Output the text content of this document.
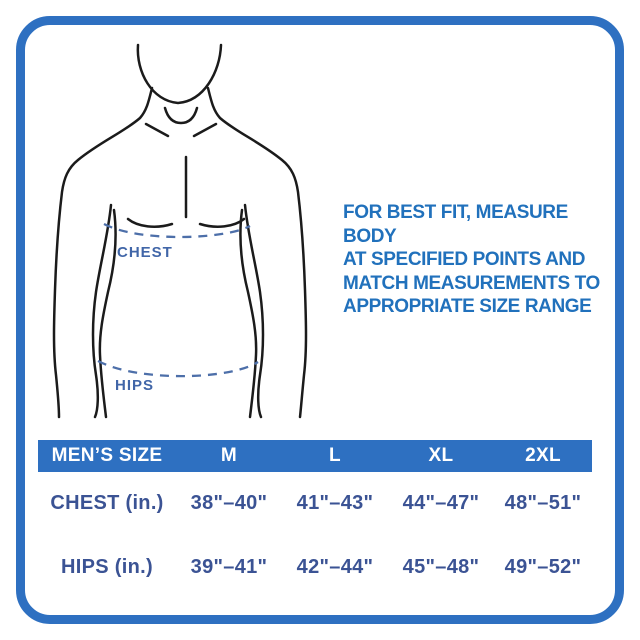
CHEST
HIPS
FOR BEST FIT, MEASURE BODY
AT SPECIFIED POINTS AND
MATCH MEASUREMENTS TO
APPROPRIATE SIZE RANGE
MEN’S SIZE	M	L	XL	2XL
CHEST (in.)	38"–40"	41"–43"	44"–47"	48"–51"
HIPS (in.)	39"–41"	42"–44"	45"–48"	49"–52"
